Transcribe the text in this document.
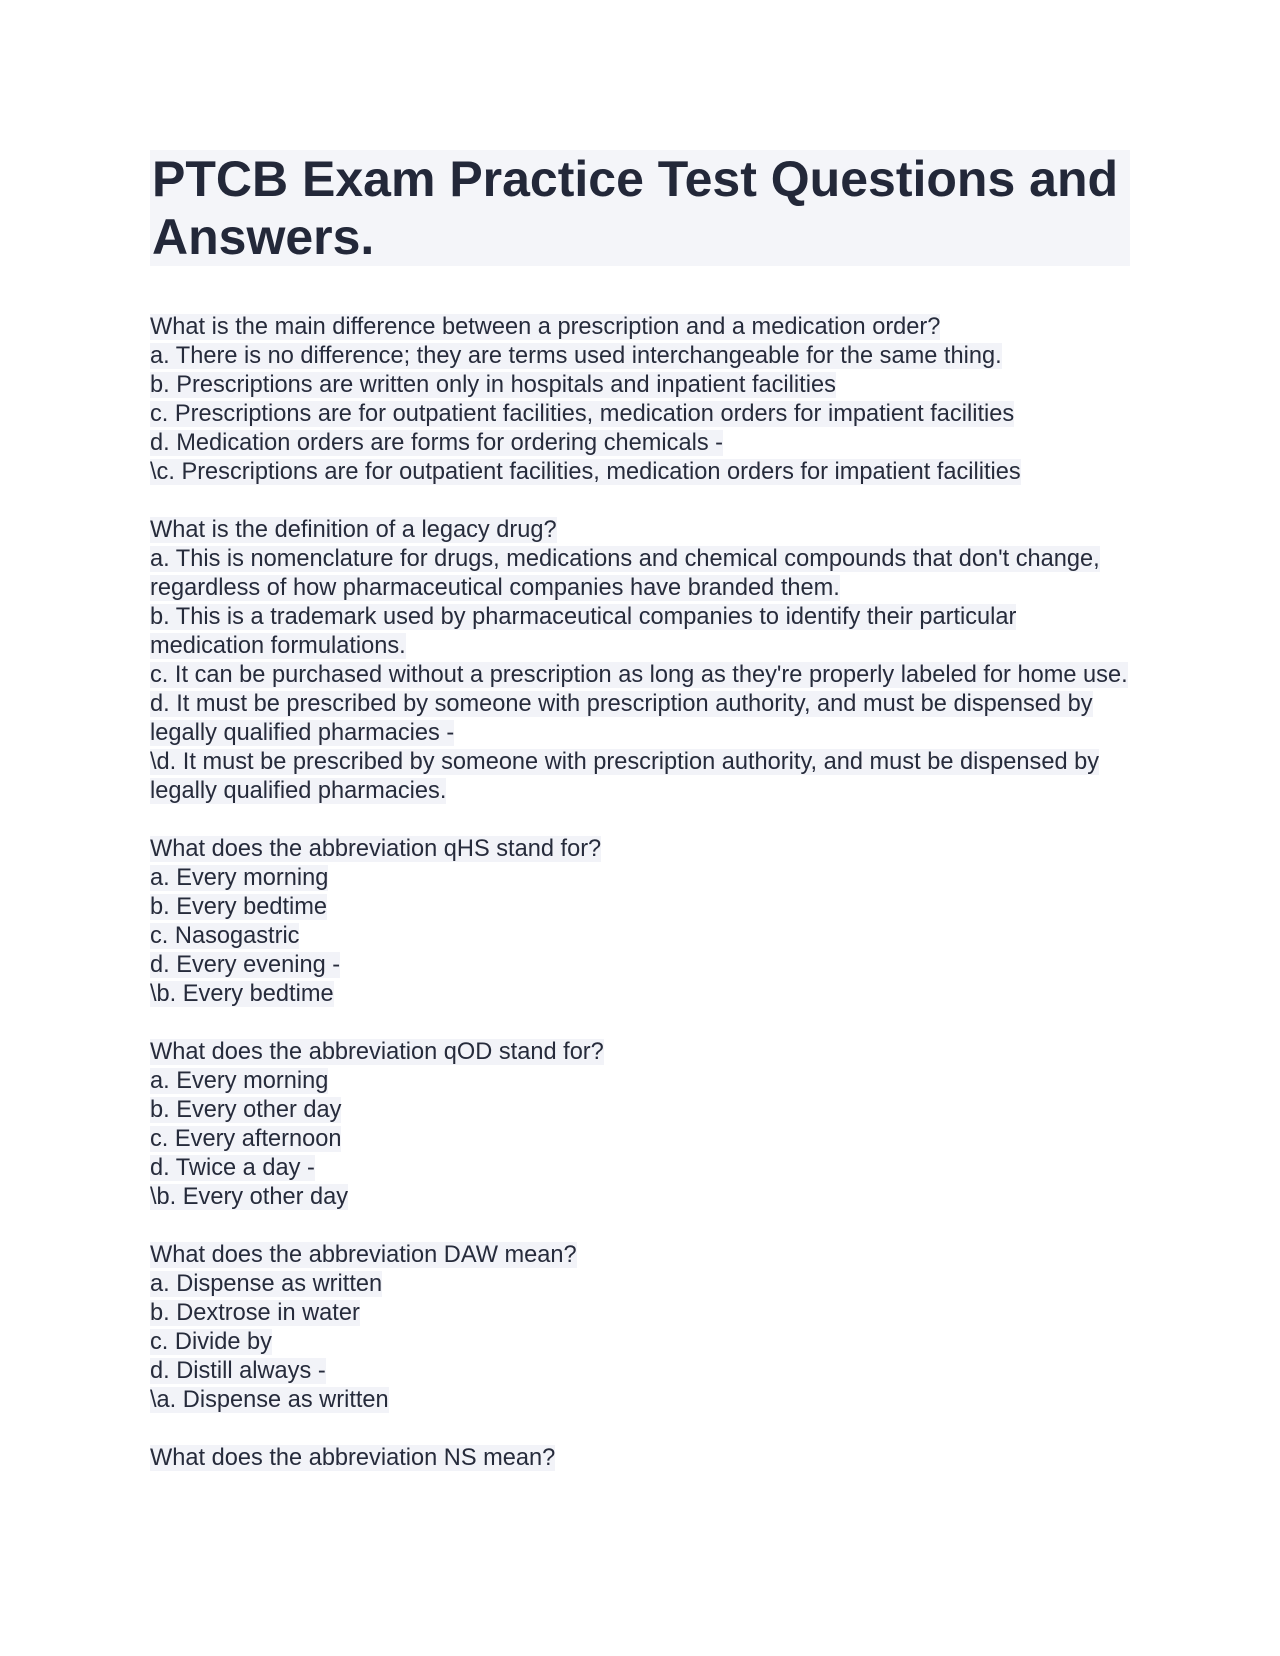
PTCB Exam Practice Test Questions and Answers.

What is the main difference between a prescription and a medication order?

a. There is no difference; they are terms used interchangeable for the same thing.

b. Prescriptions are written only in hospitals and inpatient facilities

c. Prescriptions are for outpatient facilities, medication orders for impatient facilities

d. Medication orders are forms for ordering chemicals -

\c. Prescriptions are for outpatient facilities, medication orders for impatient facilities

What is the definition of a legacy drug?

a. This is nomenclature for drugs, medications and chemical compounds that don't change, regardless of how pharmaceutical companies have branded them.

b. This is a trademark used by pharmaceutical companies to identify their particular medication formulations.

c. It can be purchased without a prescription as long as they're properly labeled for home use.

d. It must be prescribed by someone with prescription authority, and must be dispensed by legally qualified pharmacies -

\d. It must be prescribed by someone with prescription authority, and must be dispensed by legally qualified pharmacies.

What does the abbreviation qHS stand for?

a. Every morning

b. Every bedtime

c. Nasogastric

d. Every evening -

\b. Every bedtime

What does the abbreviation qOD stand for?

a. Every morning

b. Every other day

c. Every afternoon

d. Twice a day -

\b. Every other day

What does the abbreviation DAW mean?

a. Dispense as written

b. Dextrose in water

c. Divide by

d. Distill always -

\a. Dispense as written

What does the abbreviation NS mean?
